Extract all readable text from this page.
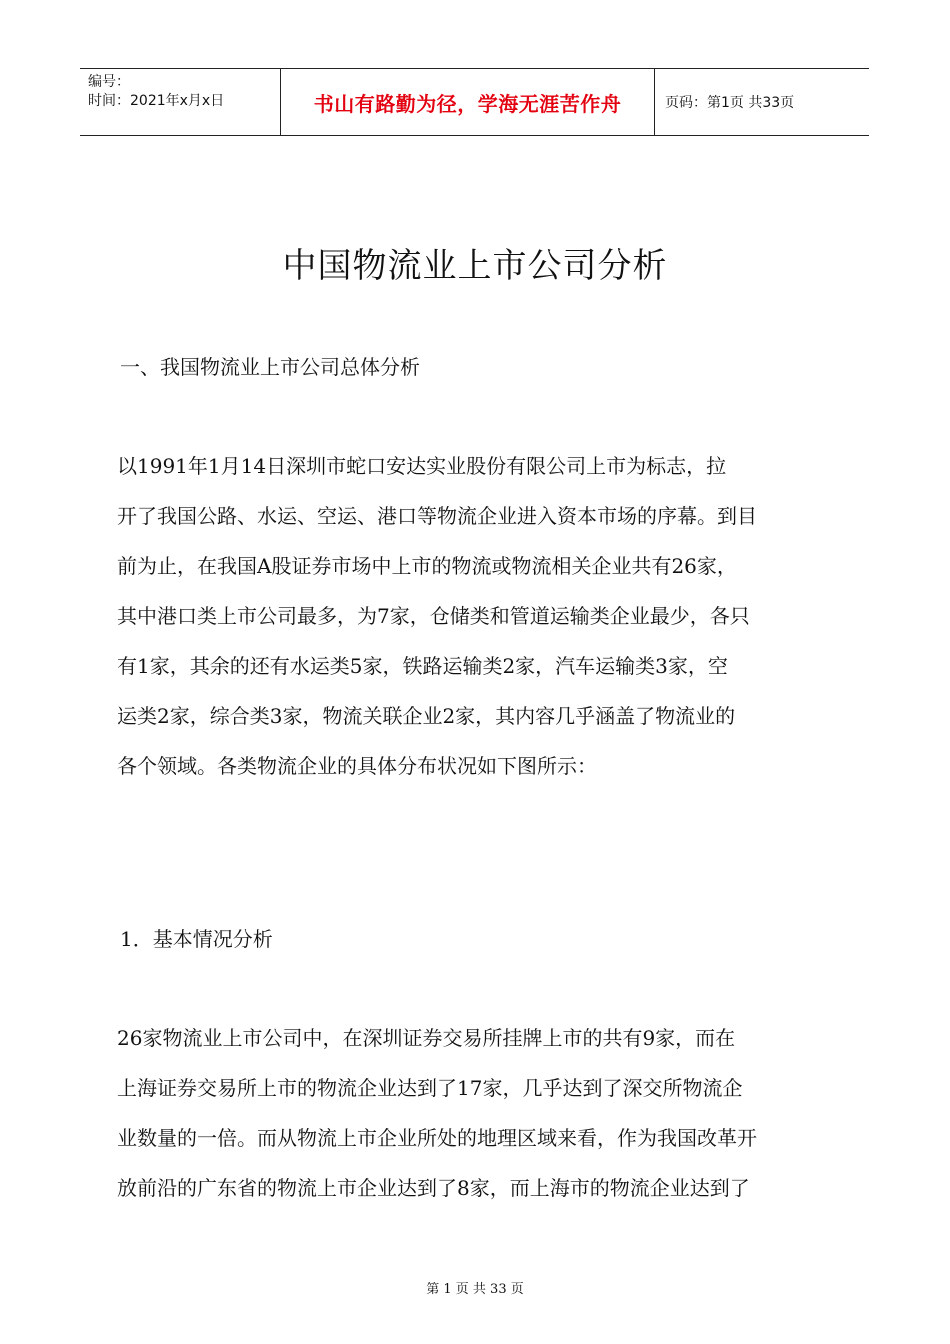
编号：
时间：2021年x月x日	书山有路勤为径，学海无涯苦作舟	页码：第1页 共33页
中国物流业上市公司分析
一、我国物流业上市公司总体分析
以1991年1月14日深圳市蛇口安达实业股份有限公司上市为标志，拉
开了我国公路、水运、空运、港口等物流企业进入资本市场的序幕。到目
前为止，在我国A股证券市场中上市的物流或物流相关企业共有26家，
其中港口类上市公司最多，为7家，仓储类和管道运输类企业最少，各只
有1家，其余的还有水运类5家，铁路运输类2家，汽车运输类3家，空
运类2家，综合类3家，物流关联企业2家，其内容几乎涵盖了物流业的
各个领域。各类物流企业的具体分布状况如下图所示：
1．基本情况分析
26家物流业上市公司中，在深圳证券交易所挂牌上市的共有9家，而在
上海证券交易所上市的物流企业达到了17家，几乎达到了深交所物流企
业数量的一倍。而从物流上市企业所处的地理区域来看，作为我国改革开
放前沿的广东省的物流上市企业达到了8家，而上海市的物流企业达到了
第 1 页 共 33 页
